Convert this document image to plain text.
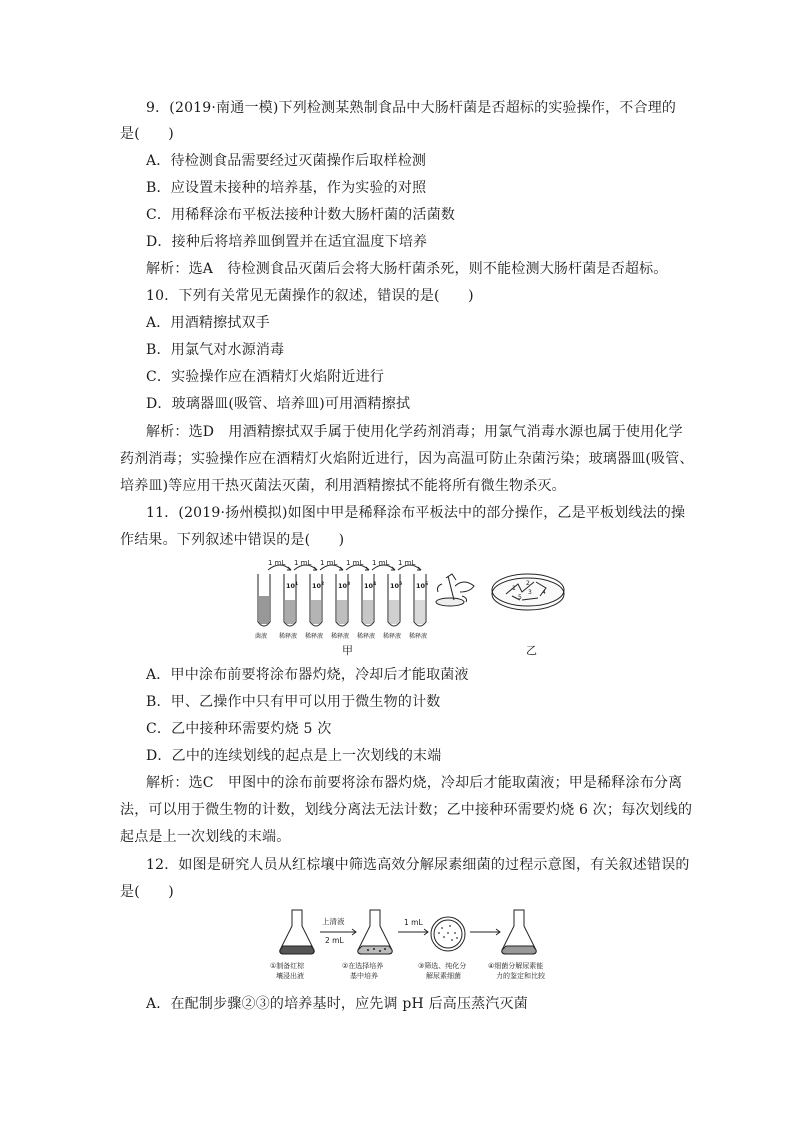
9．(2019·南通一模)下列检测某熟制食品中大肠杆菌是否超标的实验操作，不合理的
是(　　)
A．待检测食品需要经过灭菌操作后取样检测
B．应设置未接种的培养基，作为实验的对照
C．用稀释涂布平板法接种计数大肠杆菌的活菌数
D．接种后将培养皿倒置并在适宜温度下培养
解析：选A　待检测食品灭菌后会将大肠杆菌杀死，则不能检测大肠杆菌是否超标。
10．下列有关常见无菌操作的叙述，错误的是(　　)
A．用酒精擦拭双手
B．用氯气对水源消毒
C．实验操作应在酒精灯火焰附近进行
D．玻璃器皿(吸管、培养皿)可用酒精擦拭
解析：选D　用酒精擦拭双手属于使用化学药剂消毒；用氯气消毒水源也属于使用化学
药剂消毒；实验操作应在酒精灯火焰附近进行，因为高温可防止杂菌污染；玻璃器皿(吸管、
培养皿)等应用干热灭菌法灭菌，利用酒精擦拭不能将所有微生物杀灭。
11．(2019·扬州模拟)如图中甲是稀释涂布平板法中的部分操作，乙是平板划线法的操
作结果。下列叙述中错误的是(　　)
1 mL 1 mL 1 mL 1 mL 1 mL 1 mL
$10^1$ $10^2$ $10^3$ $10^4$ $10^5$ $10^6$
菌液 稀释液 稀释液 稀释液 稀释液 稀释液 稀释液
甲
1
2
3 4
5
乙
A．甲中涂布前要将涂布器灼烧，冷却后才能取菌液
B．甲、乙操作中只有甲可以用于微生物的计数
C．乙中接种环需要灼烧 5 次
D．乙中的连续划线的起点是上一次划线的末端
解析：选C　甲图中的涂布前要将涂布器灼烧，冷却后才能取菌液；甲是稀释涂布分离
法，可以用于微生物的计数，划线分离法无法计数；乙中接种环需要灼烧 6 次；每次划线的
起点是上一次划线的末端。
12．如图是研究人员从红棕壤中筛选高效分解尿素细菌的过程示意图，有关叙述错误的
是(　　)
上清液
2 mL
1 mL
①制备红棕
壤浸出液
②在选择培养
基中培养
③筛选、纯化分
解尿素细菌
④细菌分解尿素能
力的鉴定和比较
A．在配制步骤②③的培养基时，应先调 pH 后高压蒸汽灭菌
